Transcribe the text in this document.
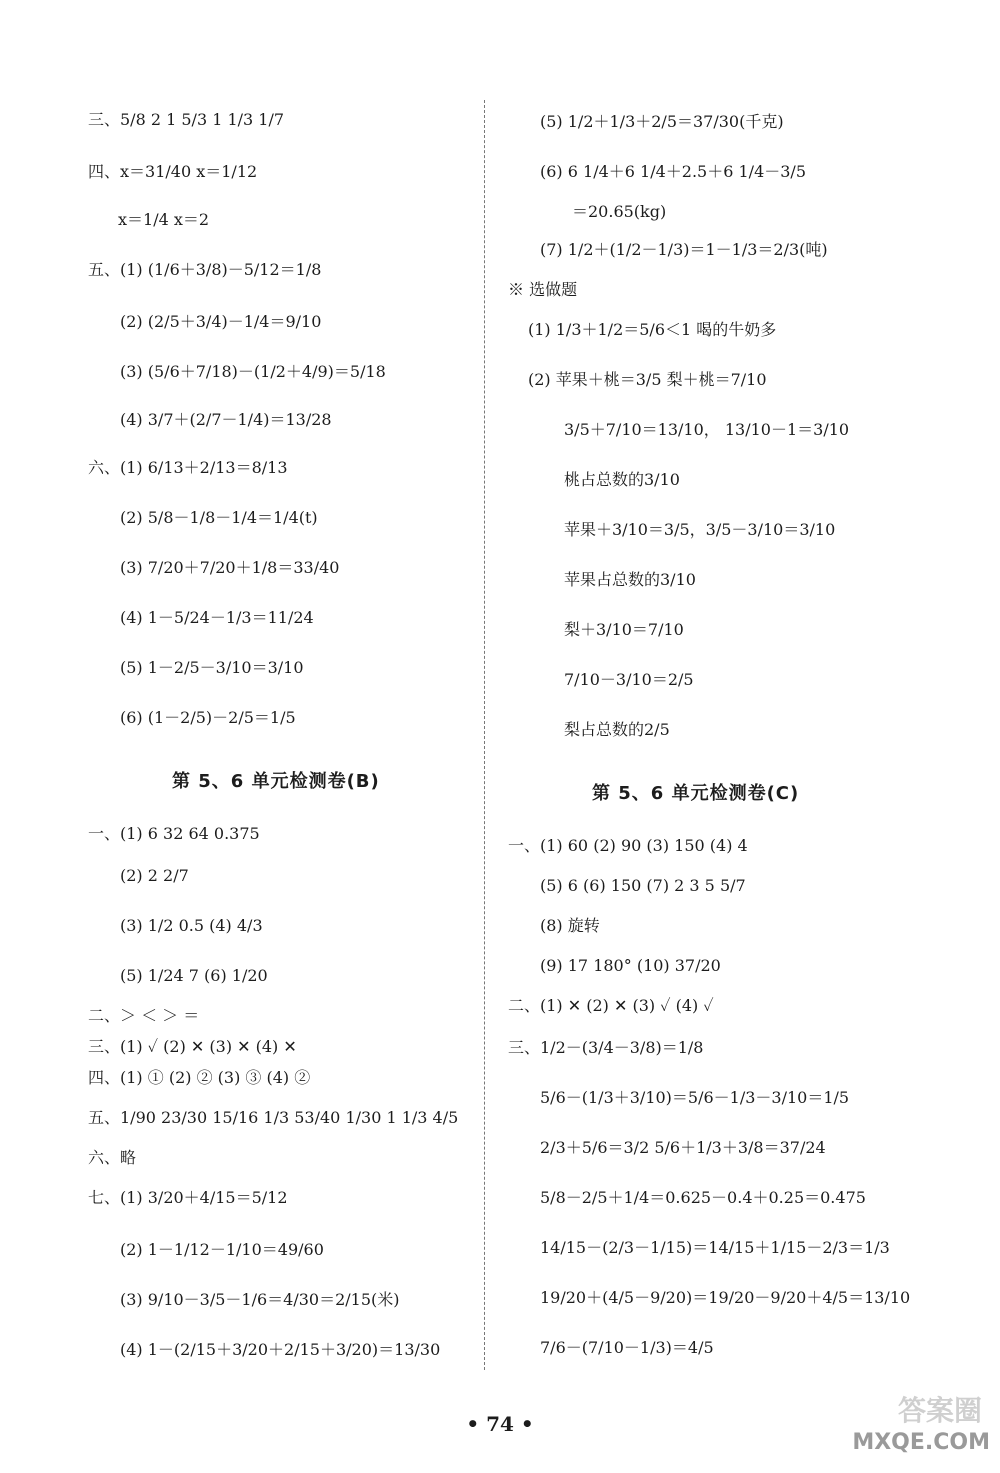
第 5、6 单元检测卷(B)
三、5/8 2 1 5/3 1 1/3 1/7
四、x＝31/40 x＝1/12
x＝1/4 x＝2
五、(1) (1/6＋3/8)－5/12＝1/8
(2) (2/5＋3/4)－1/4＝9/10
(3) (5/6＋7/18)－(1/2＋4/9)＝5/18
(4) 3/7＋(2/7－1/4)＝13/28
六、(1) 6/13＋2/13＝8/13
(2) 5/8－1/8－1/4＝1/4(t)
(3) 7/20＋7/20＋1/8＝33/40
(4) 1－5/24－1/3＝11/24
(5) 1－2/5－3/10＝3/10
(6) (1－2/5)－2/5＝1/5
一、(1) 6 32 64 0.375
(2) 2 2/7
(3) 1/2 0.5 (4) 4/3
(5) 1/24 7 (6) 1/20
二、＞ ＜ ＞ ＝
三、(1) ✓ (2) ✕ (3) ✕ (4) ✕
四、(1) ① (2) ② (3) ③ (4) ②
五、1/90 23/30 15/16 1/3 53/40 1/30 1 1/3 4/5
六、略
七、(1) 3/20＋4/15＝5/12
(2) 1－1/12－1/10＝49/60
(3) 9/10－3/5－1/6＝4/30＝2/15(米)
(4) 1－(2/15＋3/20＋2/15＋3/20)＝13/30
第 5、6 单元检测卷(C)
(5) 1/2＋1/3＋2/5＝37/30(千克)
(6) 6 1/4＋6 1/4＋2.5＋6 1/4－3/5
＝20.65(kg)
(7) 1/2＋(1/2－1/3)＝1－1/3＝2/3(吨)
※ 选做题
(1) 1/3＋1/2＝5/6＜1 喝的牛奶多
(2) 苹果＋桃＝3/5 梨＋桃＝7/10
3/5＋7/10＝13/10， 13/10－1＝3/10
桃占总数的3/10
苹果＋3/10＝3/5，3/5－3/10＝3/10
苹果占总数的3/10
梨＋3/10＝7/10
7/10－3/10＝2/5
梨占总数的2/5
一、(1) 60 (2) 90 (3) 150 (4) 4
(5) 6 (6) 150 (7) 2 3 5 5/7
(8) 旋转
(9) 17 180° (10) 37/20
二、(1) ✕ (2) ✕ (3) ✓ (4) ✓
三、1/2－(3/4－3/8)＝1/8
5/6－(1/3＋3/10)＝5/6－1/3－3/10＝1/5
2/3＋5/6＝3/2 5/6＋1/3＋3/8＝37/24
5/8－2/5＋1/4＝0.625－0.4＋0.25＝0.475
14/15－(2/3－1/15)＝14/15＋1/15－2/3＝1/3
19/20＋(4/5－9/20)＝19/20－9/20＋4/5＝13/10
7/6－(7/10－1/3)＝4/5
• 74 •	答案圈
MXQE.COM
